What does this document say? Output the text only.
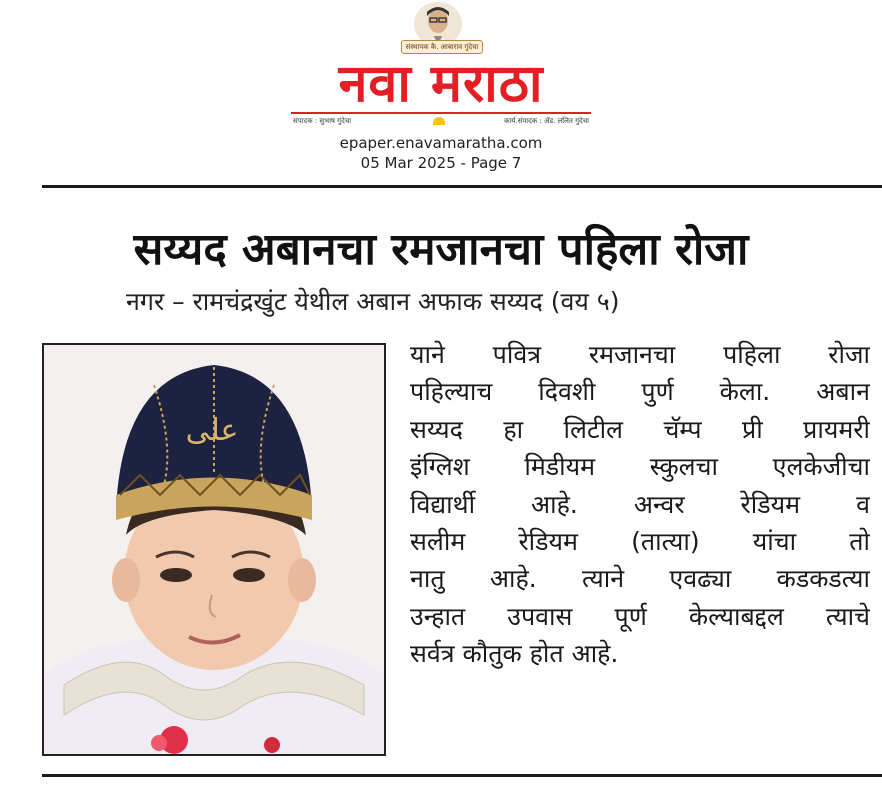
संस्थापक कै. आबाराव गुंदेचा
नवा मराठा
संपादक : सुभाष गुंदेचा	कार्य.संपादक : ॲड. ललित गुंदेचा
epaper.enavamaratha.com
05 Mar 2025 - Page 7
सय्यद अबानचा रमजानचा पहिला रोजा
नगर – रामचंद्रखुंट येथील अबान अफाक सय्यद (वय ५)
علی
याने पवित्र रमजानचा पहिला रोजा
पहिल्याच दिवशी पुर्ण केला. अबान
सय्यद हा लिटील चॅम्प प्री प्रायमरी
इंग्लिश मिडीयम स्कुलचा एलकेजीचा
विद्यार्थी आहे. अन्वर रेडियम व
सलीम रेडियम (तात्या) यांचा तो
नातु आहे. त्याने एवढ्या कडकडत्या
उन्हात उपवास पूर्ण केल्याबद्दल त्याचे
सर्वत्र कौतुक होत आहे.
